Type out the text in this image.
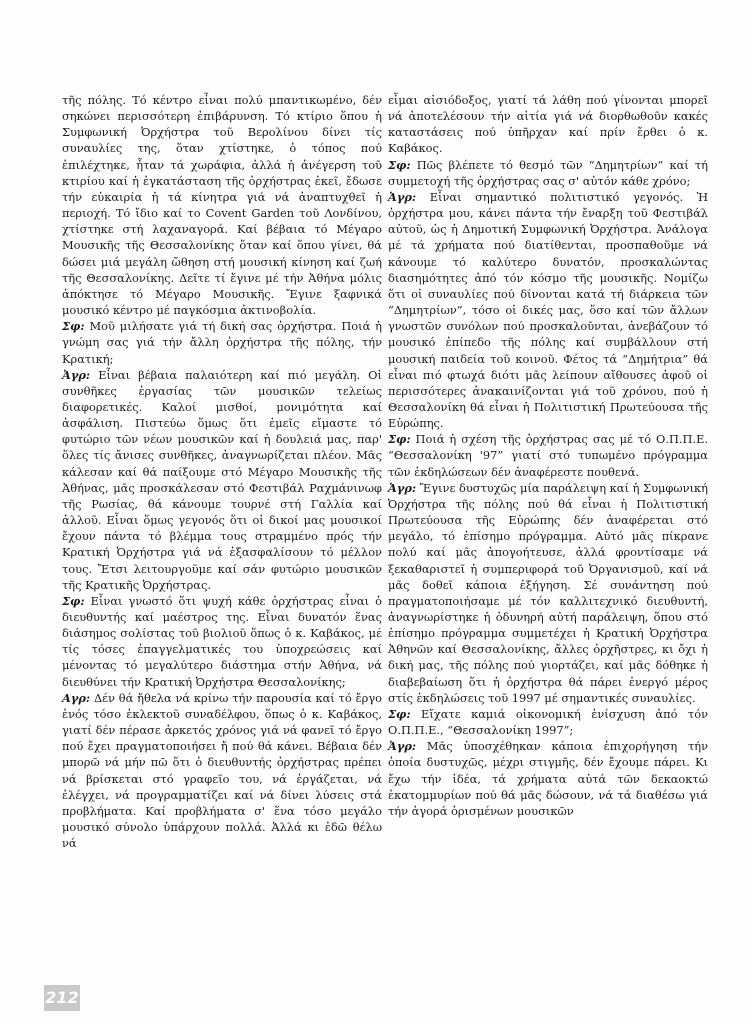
τῆς πόλης. Τό κέντρο εἶναι πολύ μπαντικωμένο, δέν σηκώνει περισσότερη ἐπιβάρυνση. Τό κτίριο ὅπου ἡ Συμφωνική Ὀρχήστρα τοῦ Βερολίνου δίνει τίς συναυλίες της, ὅταν χτίστηκε, ὁ τόπος πού ἐπιλέχτηκε, ἦταν τά χωράφια, ἀλλά ἡ ἀνέγερση τοῦ κτιρίου καί ἡ ἐγκατάσταση τῆς ὀρχήστρας ἐκεῖ, ἔδωσε τήν εὐκαιρία ἡ τά κίνητρα γιά νά ἀναπτυχθεῖ ἡ περιοχή. Τό ἴδιο καί το Covent Garden τοῦ Λονδίνου, χτίστηκε στή λαχαναγορά. Καί βέβαια τό Μέγαρο Μουσικῆς τῆς Θεσσαλονίκης ὅταν καί ὅπου γίνει, θά δώσει μιά μεγάλη ὤθηση στή μουσική κίνηση καί ζωή τῆς Θεσσαλονίκης. Δεῖτε τί ἔγινε μέ τήν Ἀθήνα μόλις ἀπόκτησε τό Μέγαρο Μουσικῆς. Ἔγινε ξαφνικά μουσικό κέντρο μέ παγκόσμια ἀκτινοβολία.

Σφ: Μοῦ μιλήσατε γιά τή δική σας ὀρχήστρα. Ποιά ἡ γνώμη σας γιά τήν ἄλλη ὀρχήστρα τῆς πόλης, τήν Κρατική;

Ἀγρ: Εἶναι βέβαια παλαιότερη καί πιό μεγάλη. Οἱ συνθῆκες ἐργασίας τῶν μουσικῶν τελείως διαφορετικές. Καλοί μισθοί, μονιμότητα καί ἀσφάλιση. Πιστεύω ὅμως ὅτι ἐμεῖς εἴμαστε τό φυτώριο τῶν νέων μουσικῶν καί ἡ δουλειά μας, παρ' ὅλες τίς ἄνισες συνθῆκες, ἀναγνωρίζεται πλέον. Μᾶς κάλεσαν καί θά παίξουμε στό Μέγαρο Μουσικῆς τῆς Ἀθήνας, μᾶς προσκάλεσαν στό Φεστιβάλ Ραχμάνινωφ τῆς Ρωσίας, θά κάνουμε τουρνέ στή Γαλλία καί ἀλλοῦ. Εἶναι ὅμως γεγονός ὅτι οἱ δικοί μας μουσικοί ἔχουν πάντα τό βλέμμα τους στραμμένο πρός τήν Κρατική Ὀρχήστρα γιά νά ἐξασφαλίσουν τό μέλλον τους. Ἔτσι λειτουργοῦμε καί σάν φυτώριο μουσικῶν τῆς Κρατικῆς Ὀρχήστρας.

Σφ: Εἶναι γνωστό ὅτι ψυχή κάθε ὀρχήστρας εἶναι ὁ διευθυντής καί μαέστρος της. Εἶναι δυνατόν ἕνας διάσημος σολίστας τοῦ βιολιοῦ ὅπως ὁ κ. Καβάκος, μέ τίς τόσες ἐπαγγελματικές του ὑποχρεώσεις καί μένοντας τό μεγαλύτερο διάστημα στήν Ἀθήνα, νά διευθύνει τήν Κρατική Ὀρχήστρα Θεσσαλονίκης;

Αγρ: Δέν θά ἤθελα νά κρίνω τήν παρουσία καί τό ἔργο ἑνός τόσο ἐκλεκτοῦ συναδέλφου, ὅπως ὁ κ. Καβάκος, γιατί δέν πέρασε ἀρκετός χρόνος γιά νά φανεῖ τό ἔργο πού ἔχει πραγματοποιήσει ἤ πού θά κάνει. Βέβαια δέν μπορῶ νά μήν πῶ ὅτι ὁ διευθυντής ὀρχήστρας πρέπει νά βρίσκεται στό γραφεῖο του, νά ἐργάζεται, νά ἐλέγχει, νά προγραμματίζει καί νά δίνει λύσεις στά προβλήματα. Καί προβλήματα σ' ἕνα τόσο μεγάλο μουσικό σύνολο ὑπάρχουν πολλά. Ἀλλά κι ἐδῶ θέλω νά

εἶμαι αἰσιόδοξος, γιατί τά λάθη πού γίνονται μπορεῖ νά ἀποτελέσουν τήν αἰτία γιά νά διορθωθοῦν κακές καταστάσεις πού ὑπῆρχαν καί πρίν ἔρθει ὁ κ. Καβάκος.

Σφ: Πῶς βλέπετε τό θεσμό τῶν “Δημητρίων” καί τή συμμετοχή τῆς ὀρχήστρας σας σ' αὐτόν κάθε χρόνο;

Ἀγρ: Εἶναι σημαντικό πολιτιστικό γεγονός. Ἡ ὀρχήστρα μου, κάνει πάντα τήν ἔναρξη τοῦ Φεστιβάλ αὐτοῦ, ὡς ἡ Δημοτική Συμφωνική Ὀρχήστρα. Ἀνάλογα μέ τά χρήματα πού διατίθενται, προσπαθοῦμε νά κάνουμε τό καλύτερο δυνατόν, προσκαλώντας διασημότητες ἀπό τόν κόσμο τῆς μουσικῆς. Νομίζω ὅτι οἱ συναυλίες πού δίνονται κατά τή διάρκεια τῶν “Δημητρίων”, τόσο οἱ δικές μας, ὅσο καί τῶν ἄλλων γνωστῶν συνόλων πού προσκαλοῦνται, ἀνεβάζουν τό μουσικό ἐπίπεδο τῆς πόλης καί συμβάλλουν στή μουσική παιδεία τοῦ κοινοῦ. Φέτος τά “Δημήτρια” θά εἶναι πιό φτωχά διότι μᾶς λείπουν αἴθουσες ἀφοῦ οἱ περισσότερες ἀνακαινίζονται γιά τοῦ χρόνου, πού ἡ Θεσσαλονίκη θά εἶναι ἡ Πολιτιστική Πρωτεύουσα τῆς Εὐρώπης.

Σφ: Ποιά ἡ σχέση τῆς ὀρχήστρας σας μέ τό Ο.Π.Π.Ε. “Θεσσαλονίκη '97” γιατί στό τυπωμένο πρόγραμμα τῶν ἐκδηλώσεων δέν ἀναφέρεστε πουθενά.

Ἀγρ: Ἔγινε δυστυχῶς μία παράλειψη καί ἡ Συμφωνική Ὀρχήστρα τῆς πόλης πού θά εἶναι ἡ Πολιτιστική Πρωτεύουσα τῆς Εὐρώπης δέν ἀναφέρεται στό μεγάλο, τό ἐπίσημο πρόγραμμα. Αὐτό μᾶς πίκρανε πολύ καί μᾶς ἀπογοήτευσε, ἀλλά φροντίσαμε νά ξεκαθαριστεῖ ἡ συμπεριφορά τοῦ Ὀργανισμοῦ, καί νά μᾶς δοθεῖ κάποια ἐξήγηση. Σέ συνάντηση πού πραγματοποιήσαμε μέ τόν καλλιτεχνικό διευθυντή, ἀναγνωρίστηκε ἡ ὀδυνηρή αὐτή παράλειψη, ὅπου στό ἐπίσημο πρόγραμμα συμμετέχει ἡ Κρατική Ὀρχήστρα Ἀθηνῶν καί Θεσσαλονίκης, ἄλλες ὀρχῆστρες, κι ὄχι ἡ δική μας, τῆς πόλης πού γιορτάζει, καί μᾶς δόθηκε ἡ διαβεβαίωση ὅτι ἡ ὀρχήστρα θά πάρει ἐνεργό μέρος στίς ἐκδηλώσεις τοῦ 1997 μέ σημαντικές συναυλίες.

Σφ: Εἴχατε καμιά οἰκονομική ἐνίσχυση ἀπό τόν Ο.Π.Π.Ε., “Θεσσαλονίκη 1997”;

Ἀγρ: Μᾶς ὑποσχέθηκαν κάποια ἐπιχορήγηση τήν ὁποία δυστυχῶς, μέχρι στιγμῆς, δέν ἔχουμε πάρει. Κι ἔχω τήν ἰδέα, τά χρήματα αὐτά τῶν δεκαοκτώ ἑκατομμυρίων πού θά μᾶς δώσουν, νά τά διαθέσω γιά τήν ἀγορά ὁρισμένων μουσικῶν

212
